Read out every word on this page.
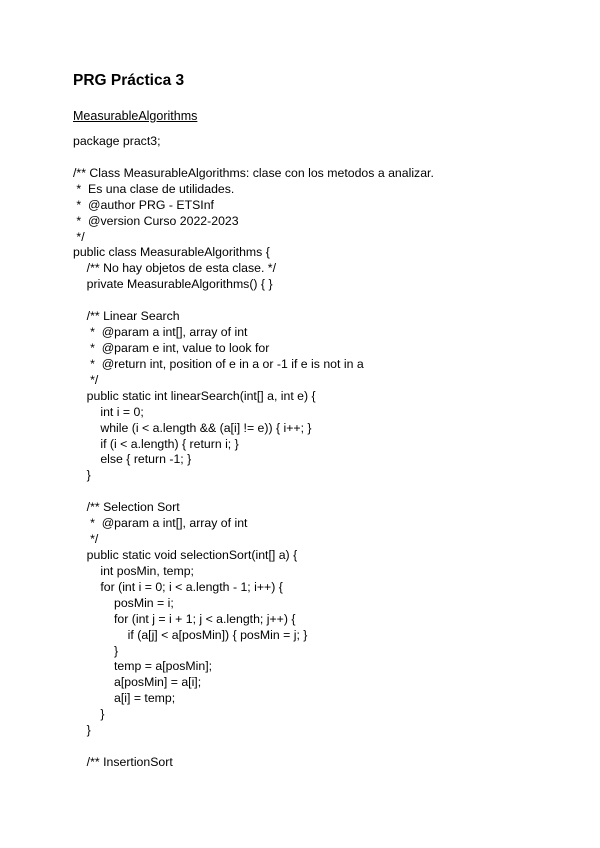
PRG Práctica 3
MeasurableAlgorithms
package pract3;
/** Class MeasurableAlgorithms: clase con los metodos a analizar.
*  Es una clase de utilidades.
*  @author PRG - ETSInf
*  @version Curso 2022-2023
*/
public class MeasurableAlgorithms {
/** No hay objetos de esta clase. */
private MeasurableAlgorithms() { }
/** Linear Search
*  @param a int[], array of int
*  @param e int, value to look for
*  @return int, position of e in a or -1 if e is not in a
*/
public static int linearSearch(int[] a, int e) {
int i = 0;
while (i < a.length && (a[i] != e)) { i++; }
if (i < a.length) { return i; }
else { return -1; }
}
/** Selection Sort
*  @param a int[], array of int
*/
public static void selectionSort(int[] a) {
int posMin, temp;
for (int i = 0; i < a.length - 1; i++) {
posMin = i;
for (int j = i + 1; j < a.length; j++) {
if (a[j] < a[posMin]) { posMin = j; }
}
temp = a[posMin];
a[posMin] = a[i];
a[i] = temp;
}
}
/** InsertionSort
